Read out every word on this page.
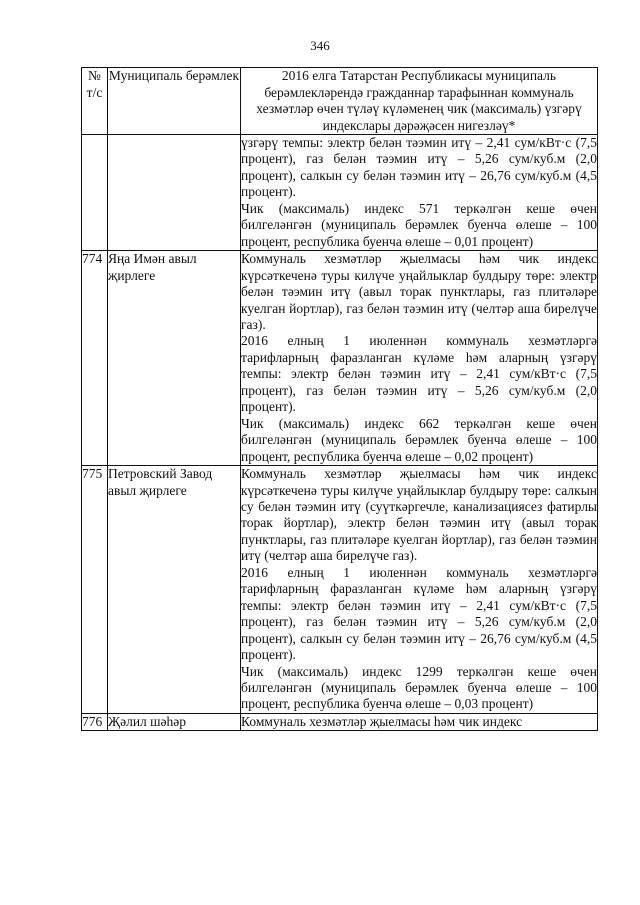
346
№ т/с	Муниципаль берәмлек	2016 елга Татарстан Республикасы муниципаль берәмлекләрендә гражданнар тарафыннан коммуналь хезмәтләр өчен түләү күләменең чик (максималь) үзгәрү индекслары дәрәҗәсен нигезләү*

		үзгәрү темпы: электр белән тәэмин итү – 2,41 сум/кВт·с (7,5 процент), газ белән тәэмин итү – 5,26 сум/куб.м (2,0 процент), салкын су белән тәэмин итү – 26,76 сум/куб.м (4,5 процент).

Чик (максималь) индекс 571 теркәлгән кеше өчен билгеләнгән (муниципаль берәмлек буенча өлеше – 100 процент, республика буенча өлеше – 0,01 процент)

774	Яңа Имән авыл җирлеге	Коммуналь хезмәтләр җыелмасы һәм чик индекс күрсәткеченә туры килүче уңайлыклар булдыру төре: электр белән тәэмин итү (авыл торак пунктлары, газ плитәләре куелган йортлар), газ белән тәэмин итү (челтәр аша бирелүче газ).

2016 елның 1 июленнән коммуналь хезмәтләргә тарифларның фаразланган күләме һәм аларның үзгәрү темпы: электр белән тәэмин итү – 2,41 сум/кВт·с (7,5 процент), газ белән тәэмин итү – 5,26 сум/куб.м (2,0 процент).

Чик (максималь) индекс 662 теркәлгән кеше өчен билгеләнгән (муниципаль берәмлек буенча өлеше – 100 процент, республика буенча өлеше – 0,02 процент)

775	Петровский Завод авыл җирлеге	Коммуналь хезмәтләр җыелмасы һәм чик индекс күрсәткеченә туры килүче уңайлыклар булдыру төре: салкын су белән тәэмин итү (суүткәргечле, канализациясез фатирлы торак йортлар), электр белән тәэмин итү (авыл торак пунктлары, газ плитәләре куелган йортлар), газ белән тәэмин итү (челтәр аша бирелүче газ).

2016 елның 1 июленнән коммуналь хезмәтләргә тарифларның фаразланган күләме һәм аларның үзгәрү темпы: электр белән тәэмин итү – 2,41 сум/кВт·с (7,5 процент), газ белән тәэмин итү – 5,26 сум/куб.м (2,0 процент), салкын су белән тәэмин итү – 26,76 сум/куб.м (4,5 процент).

Чик (максималь) индекс 1299 теркәлгән кеше өчен билгеләнгән (муниципаль берәмлек буенча өлеше – 100 процент, республика буенча өлеше – 0,03 процент)

776	Җәлил шәһәр	Коммуналь хезмәтләр җыелмасы һәм чик индекс
